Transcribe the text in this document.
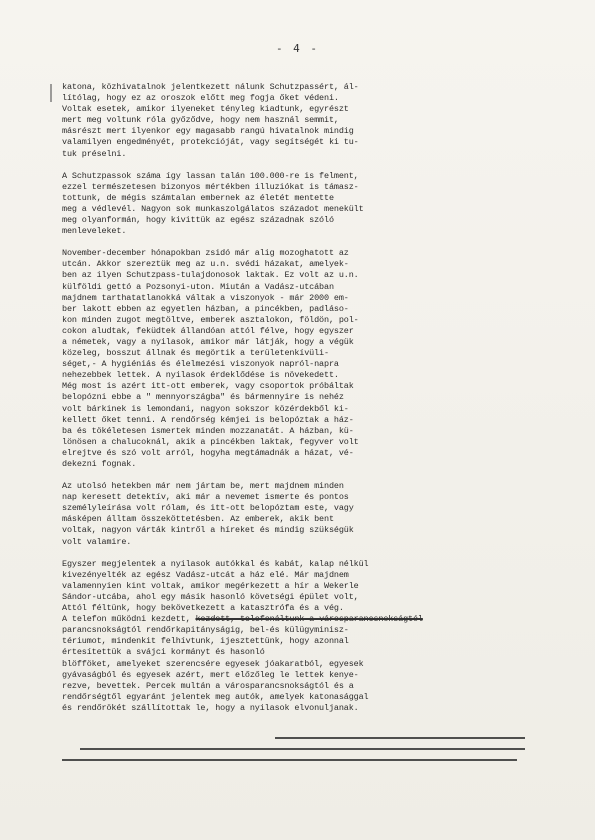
- 4 -
katona, közhivatalnok jelentkezett nálunk Schutzpassért, ál-
lítólag, hogy ez az oroszok előtt meg fogja őket védeni.
Voltak esetek, amikor ilyeneket tényleg kiadtunk, egyrészt
mert meg voltunk róla győződve, hogy nem használ semmit,
másrészt mert ilyenkor egy magasabb rangú hivatalnok mindig
valamilyen engedményét, protekcióját, vagy segítségét ki tu-
tuk préselni.
A Schutzpassok száma így lassan talán 100.000-re is felment,
ezzel természetesen bizonyos mértékben illuziókat is támasz-
tottunk, de mégis számtalan embernek az életét mentette
meg a védlevél. Nagyon sok munkaszolgálatos századot menekült
meg olyanformán, hogy kivittük az egész századnak szóló
menleveleket.
November-december hónapokban zsidó már alig mozoghatott az
utcán. Akkor szereztük meg az u.n. svédi házakat, amelyek-
ben az ilyen Schutzpass-tulajdonosok laktak. Ez volt az u.n.
külföldi gettó a Pozsonyi-uton. Miután a Vadász-utcában
majdnem tarthatatlanokká váltak a viszonyok - már 2000 em-
ber lakott ebben az egyetlen házban, a pincékben, padláso-
kon minden zugot megtöltve, emberek asztalokon, földön, pol-
cokon aludtak, feküdtek állandóan attól félve, hogy egyszer
a németek, vagy a nyilasok, amikor már látják, hogy a végük
közeleg, bosszut állnak és megörtik a területenkívüli-
séget,- A hygiéniás és élelmezési viszonyok napról-napra
nehezebbek lettek. A nyilasok érdeklődése is növekedett.
Még most is azért itt-ott emberek, vagy csoportok próbáltak
belopózni ebbe a " mennyországba" és bármennyire is nehéz
volt bárkinek is lemondani, nagyon sokszor közérdekből ki-
kellett őket tenni. A rendőrség kémjei is belopóztak a ház-
ba és tökéletesen ismertek minden mozzanatát. A házban, kü-
lönösen a chalucoknál, akik a pincékben laktak, fegyver volt
elrejtve és szó volt arról, hogyha megtámadnák a házat, vé-
dekezni fognak.
Az utolsó hetekben már nem jártam be, mert majdnem minden
nap keresett detektív, aki már a nevemet ismerte és pontos
személyleírása volt rólam, és itt-ott belopóztam este, vagy
másképen álltam összeköttetésben. Az emberek, akik bent
voltak, nagyon várták kintről a híreket és mindig szükségük
volt valamire.
Egyszer megjelentek a nyilasok autókkal és kabát, kalap nélkül
kivezényelték az egész Vadász-utcát a ház elé. Már majdnem
valamennyien kint voltak, amikor megérkezett a hír a Wekerle
Sándor-utcába, ahol egy másik hasonló követségi épület volt,
Attól féltünk, hogy bekövetkezett a katasztrófa és a vég.
A telefon működni kezdett, kezdett, telefonáltunk a városparancsnokságtól
parancsnokságtól rendőrkapitányságig, bel-és külügyminisz-
tériumot, mindenkit felhívtunk, ijesztettünk, hogy azonnal
értesítettük a svájci kormányt és hasonló
blöfföket, amelyeket szerencsére egyesek jóakaratból, egyesek
gyávaságból és egyesek azért, mert előzőleg le lettek kenye-
rezve, bevettek. Percek multán a városparancsnokságtól és a
rendőrségtől egyaránt jelentek meg autók, amelyek katonasággal
és rendőrökét szállítottak le, hogy a nyilasok elvonuljanak.
